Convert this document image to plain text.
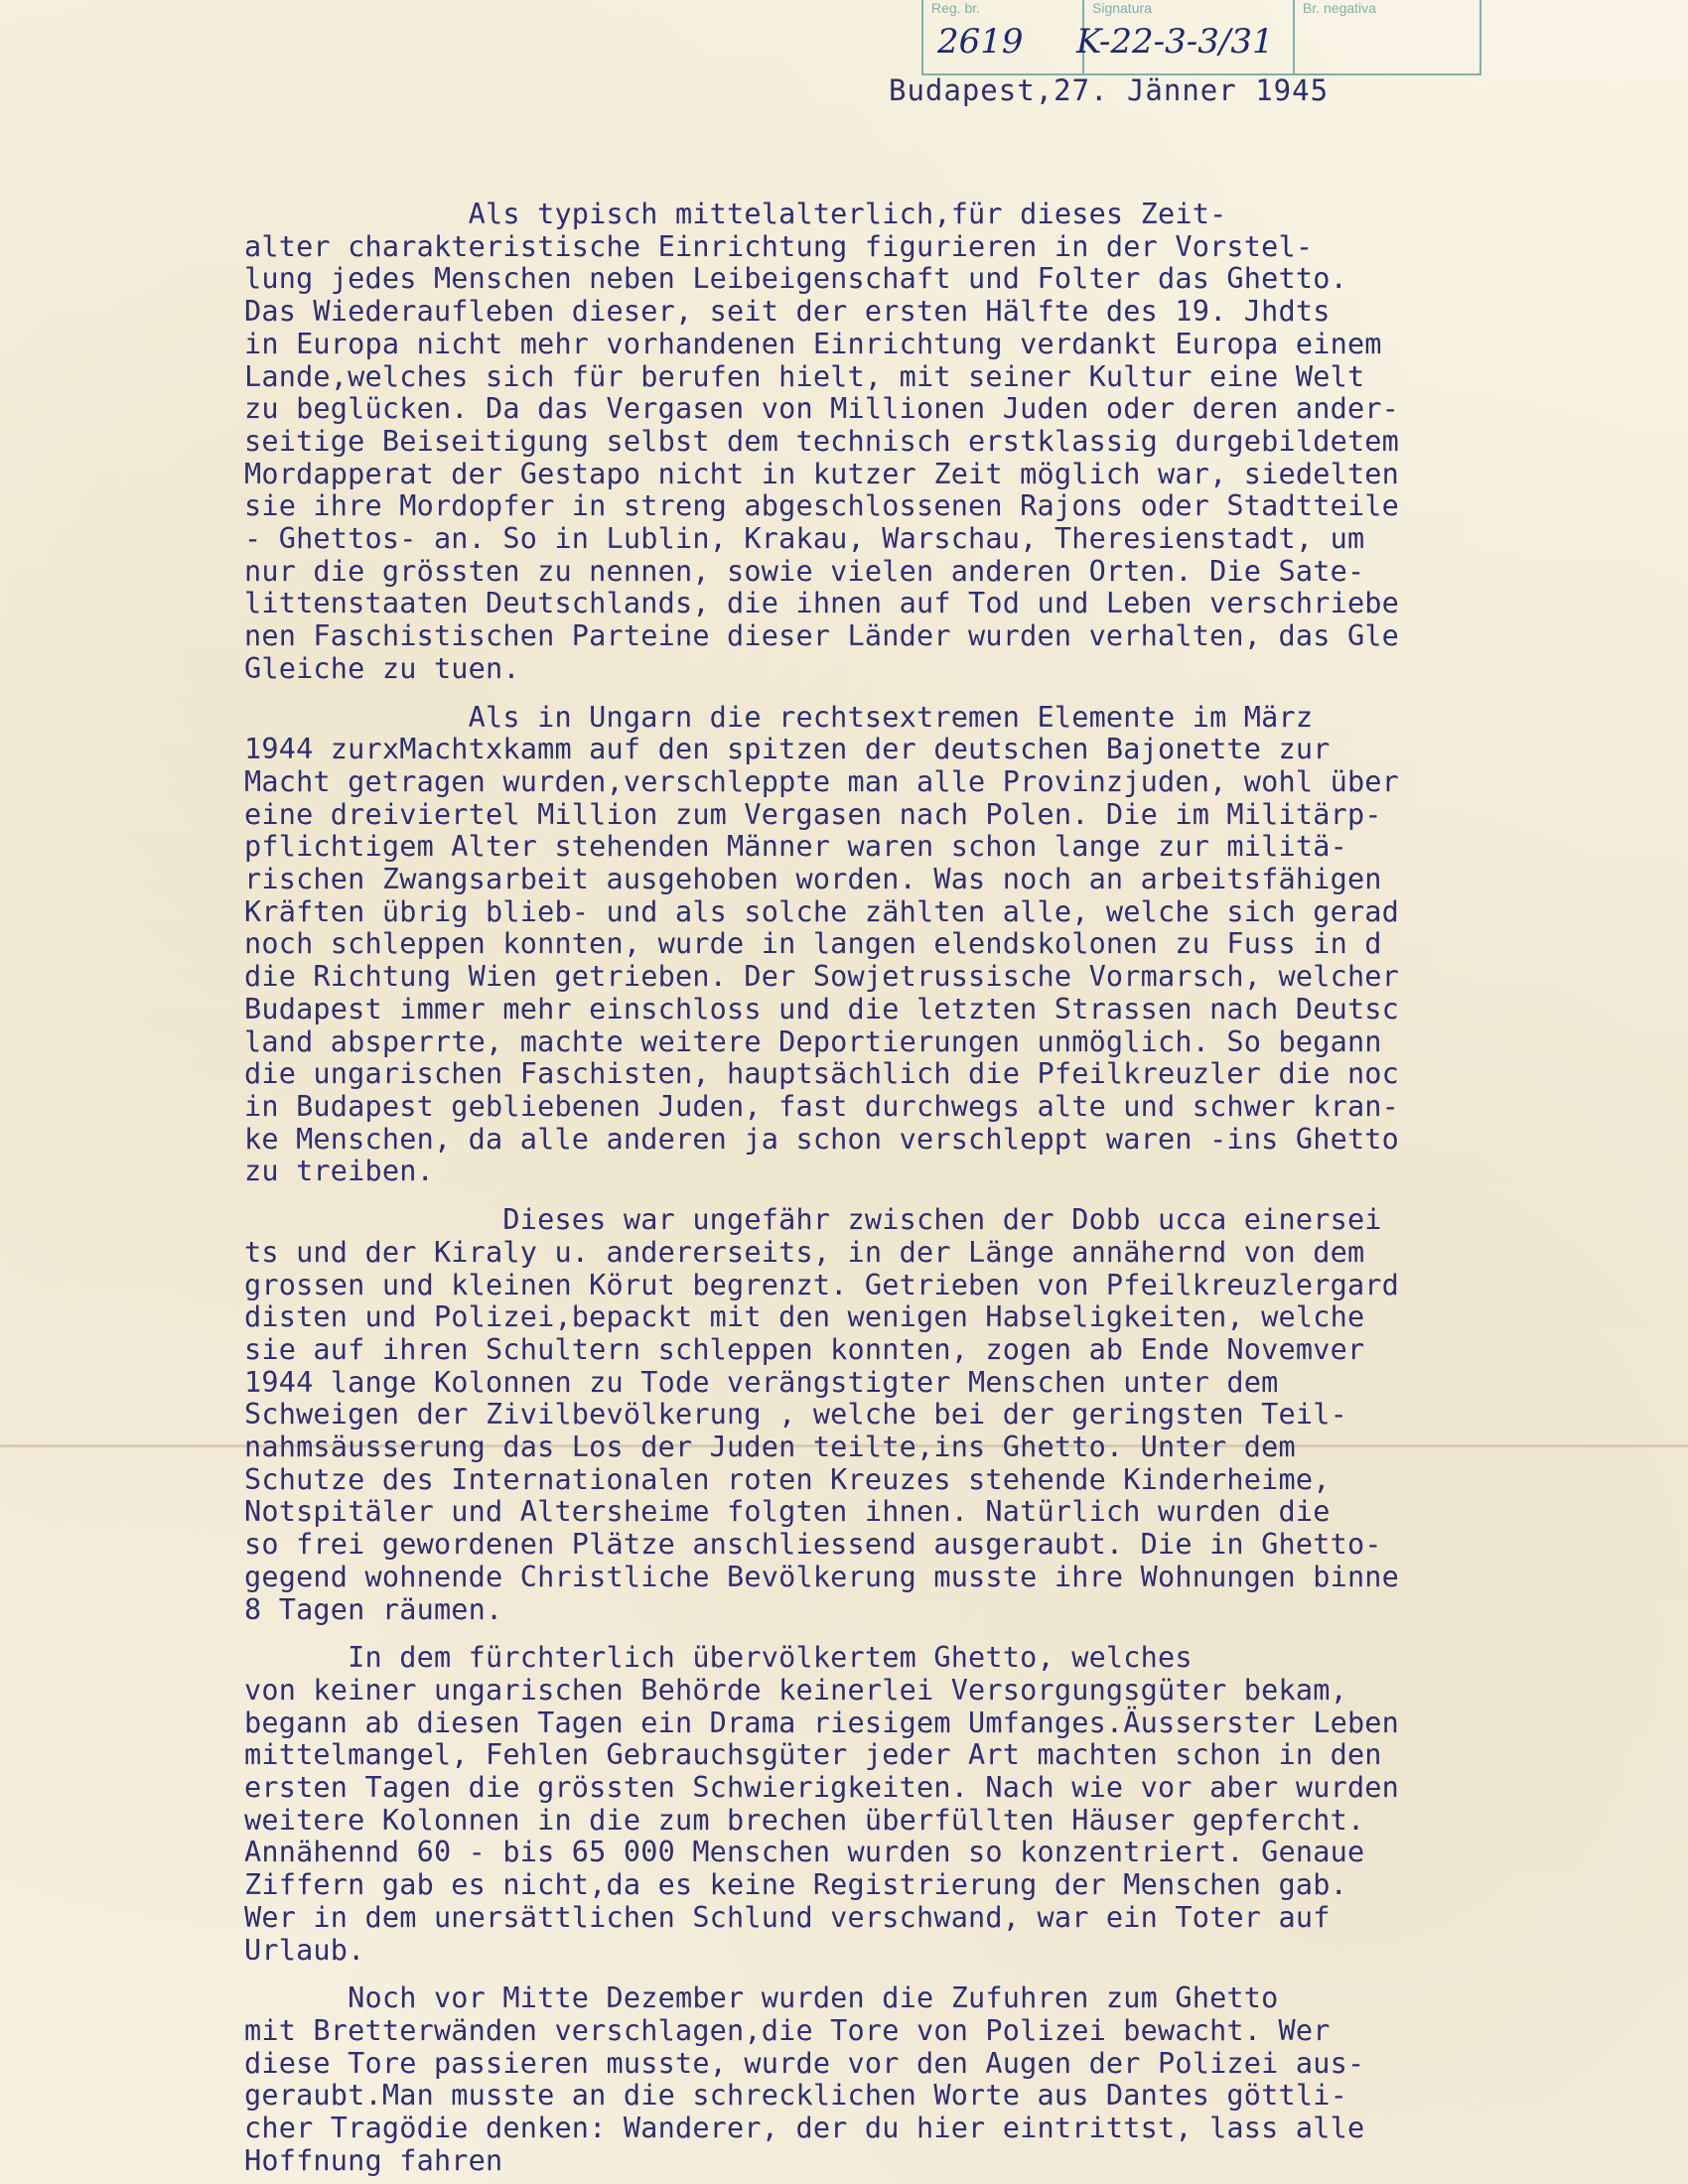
Reg. br.
2619
Signatura
K-22-3-3/31
Br. negativa
Budapest,27. Jänner 1945

Als typisch mittelalterlich,für dieses Zeit-
alter charakteristische Einrichtung figurieren in der Vorstel-
lung jedes Menschen neben Leibeigenschaft und Folter das Ghetto.
Das Wiederaufleben dieser, seit der ersten Hälfte des 19. Jhdts
in Europa nicht mehr vorhandenen Einrichtung verdankt Europa einem
Lande,welches sich für berufen hielt, mit seiner Kultur eine Welt
zu beglücken. Da das Vergasen von Millionen Juden oder deren ander-
seitige Beiseitigung selbst dem technisch erstklassig durgebildetem
Mordapperat der Gestapo nicht in kutzer Zeit möglich war, siedelten
sie ihre Mordopfer in streng abgeschlossenen Rajons oder Stadtteile
- Ghettos- an. So in Lublin, Krakau, Warschau, Theresienstadt, um
nur die grössten zu nennen, sowie vielen anderen Orten. Die Sate-
littenstaaten Deutschlands, die ihnen auf Tod und Leben verschriebe
nen Faschistischen Parteine dieser Länder wurden verhalten, das Gle
Gleiche zu tuen.

Als in Ungarn die rechtsextremen Elemente im März
1944 zurxMachtxkamm auf den spitzen der deutschen Bajonette zur
Macht getragen wurden,verschleppte man alle Provinzjuden, wohl über
eine dreiviertel Million zum Vergasen nach Polen. Die im Militärp-
pflichtigem Alter stehenden Männer waren schon lange zur militä-
rischen Zwangsarbeit ausgehoben worden. Was noch an arbeitsfähigen
Kräften übrig blieb- und als solche zählten alle, welche sich gerad
noch schleppen konnten, wurde in langen elendskolonen zu Fuss in d
die Richtung Wien getrieben. Der Sowjetrussische Vormarsch, welcher
Budapest immer mehr einschloss und die letzten Strassen nach Deutsc
land absperrte, machte weitere Deportierungen unmöglich. So begann
die ungarischen Faschisten, hauptsächlich die Pfeilkreuzler die noc
in Budapest gebliebenen Juden, fast durchwegs alte und schwer kran-
ke Menschen, da alle anderen ja schon verschleppt waren -ins Ghetto
zu treiben.

Dieses war ungefähr zwischen der Dobb ucca einersei
ts und der Kiraly u. andererseits, in der Länge annähernd von dem
grossen und kleinen Körut begrenzt. Getrieben von Pfeilkreuzlergard
disten und Polizei,bepackt mit den wenigen Habseligkeiten, welche
sie auf ihren Schultern schleppen konnten, zogen ab Ende Novemver
1944 lange Kolonnen zu Tode verängstigter Menschen unter dem
Schweigen der Zivilbevölkerung , welche bei der geringsten Teil-
nahmsäusserung das Los der Juden teilte,ins Ghetto. Unter dem
Schutze des Internationalen roten Kreuzes stehende Kinderheime,
Notspitäler und Altersheime folgten ihnen. Natürlich wurden die
so frei gewordenen Plätze anschliessend ausgeraubt. Die in Ghetto-
gegend wohnende Christliche Bevölkerung musste ihre Wohnungen binne
8 Tagen räumen.

In dem fürchterlich übervölkertem Ghetto, welches
von keiner ungarischen Behörde keinerlei Versorgungsgüter bekam,
begann ab diesen Tagen ein Drama riesigem Umfanges.Äusserster Leben
mittelmangel, Fehlen Gebrauchsgüter jeder Art machten schon in den
ersten Tagen die grössten Schwierigkeiten. Nach wie vor aber wurden
weitere Kolonnen in die zum brechen überfüllten Häuser gepfercht.
Annähennd 60 - bis 65 000 Menschen wurden so konzentriert. Genaue
Ziffern gab es nicht,da es keine Registrierung der Menschen gab.
Wer in dem unersättlichen Schlund verschwand, war ein Toter auf
Urlaub.

Noch vor Mitte Dezember wurden die Zufuhren zum Ghetto
mit Bretterwänden verschlagen,die Tore von Polizei bewacht. Wer
diese Tore passieren musste, wurde vor den Augen der Polizei aus-
geraubt.Man musste an die schrecklichen Worte aus Dantes göttli-
cher Tragödie denken: Wanderer, der du hier eintrittst, lass alle
Hoffnung fahren
